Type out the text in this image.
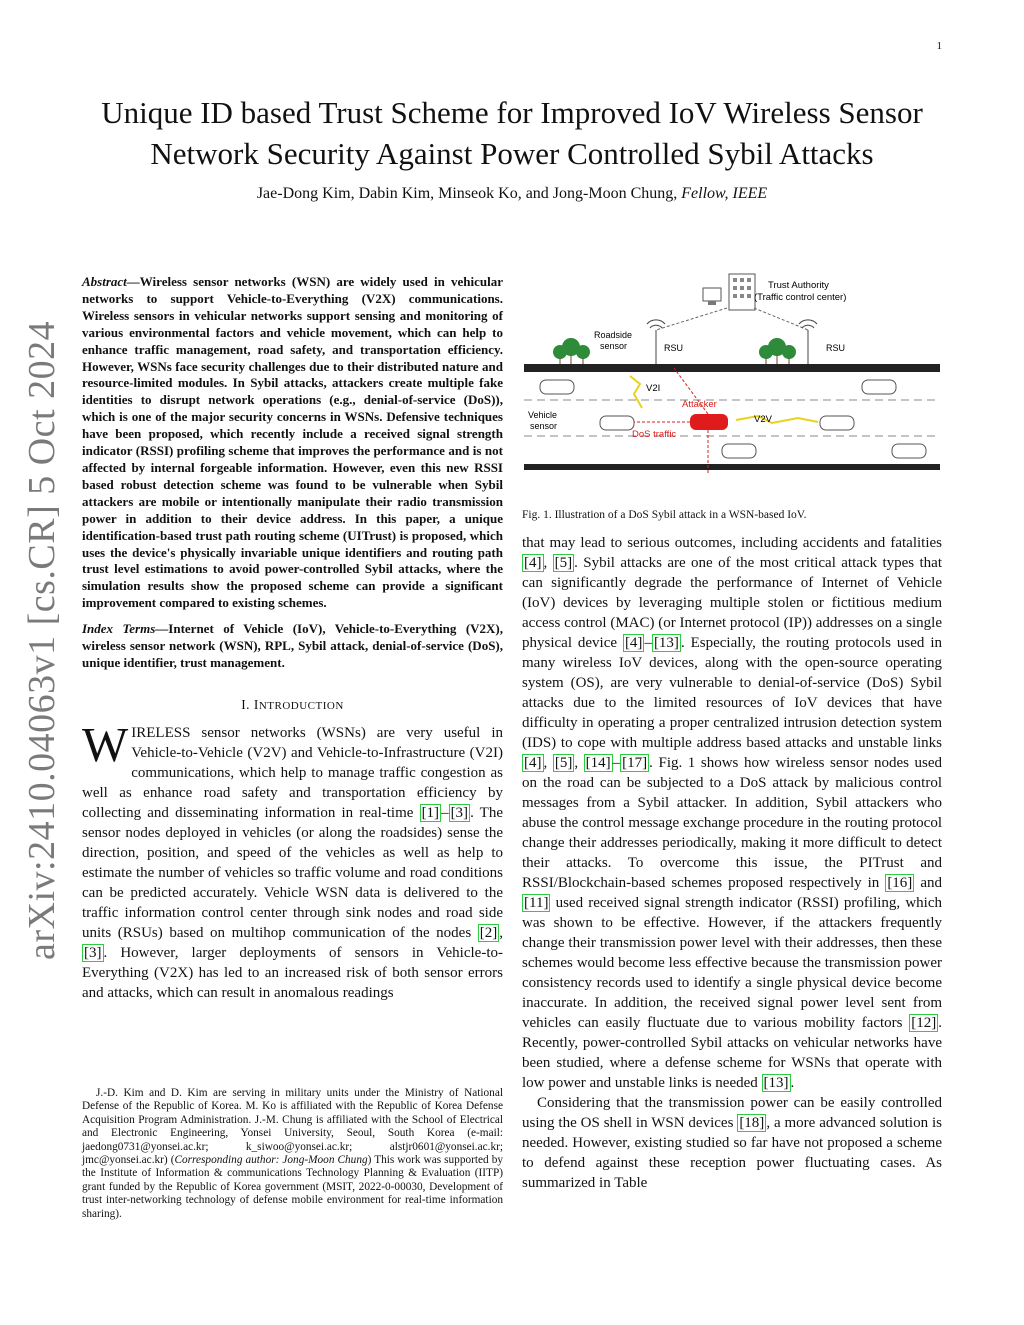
1
arXiv:2410.04063v1 [cs.CR] 5 Oct 2024
Unique ID based Trust Scheme for Improved IoV Wireless Sensor
Network Security Against Power Controlled Sybil Attacks
Jae-Dong Kim, Dabin Kim, Minseok Ko, and Jong-Moon Chung, Fellow, IEEE
Abstract—Wireless sensor networks (WSN) are widely used in vehicular networks to support Vehicle-to-Everything (V2X) communications. Wireless sensors in vehicular networks support sensing and monitoring of various environmental factors and vehicle movement, which can help to enhance traffic management, road safety, and transportation efficiency. However, WSNs face security challenges due to their distributed nature and resource-limited modules. In Sybil attacks, attackers create multiple fake identities to disrupt network operations (e.g., denial-of-service (DoS)), which is one of the major security concerns in WSNs. Defensive techniques have been proposed, which recently include a received signal strength indicator (RSSI) profiling scheme that improves the performance and is not affected by internal forgeable information. However, even this new RSSI based robust detection scheme was found to be vulnerable when Sybil attackers are mobile or intentionally manipulate their radio transmission power in addition to their device address. In this paper, a unique identification-based trust path routing scheme (UITrust) is proposed, which uses the device's physically invariable unique identifiers and routing path trust level estimations to avoid power-controlled Sybil attacks, where the simulation results show the proposed scheme can provide a significant improvement compared to existing schemes.
Index Terms—Internet of Vehicle (IoV), Vehicle-to-Everything (V2X), wireless sensor network (WSN), RPL, Sybil attack, denial-of-service (DoS), unique identifier, trust management.
I. INTRODUCTION
WIRELESS sensor networks (WSNs) are very useful in Vehicle-to-Vehicle (V2V) and Vehicle-to-Infrastructure (V2I) communications, which help to manage traffic congestion as well as enhance road safety and transportation efficiency by collecting and disseminating information in real-time [1] – [3] . The sensor nodes deployed in vehicles (or along the roadsides) sense the direction, position, and speed of the vehicles as well as help to estimate the number of vehicles so traffic volume and road conditions can be predicted accurately. Vehicle WSN data is delivered to the traffic information control center through sink nodes and road side units (RSUs) based on multihop communication of the nodes [2] , [3] . However, larger deployments of sensors in Vehicle-to-Everything (V2X) has led to an increased risk of both sensor errors and attacks, which can result in anomalous readings
J.-D. Kim and D. Kim are serving in military units under the Ministry of National Defense of the Republic of Korea. M. Ko is affiliated with the Republic of Korea Defense Acquisition Program Administration. J.-M. Chung is affiliated with the School of Electrical and Electronic Engineering, Yonsei University, Seoul, South Korea (e-mail: jaedong0731@yonsei.ac.kr; k_siwoo@yonsei.ac.kr; alstjr0601@yonsei.ac.kr; jmc@yonsei.ac.kr) (Corresponding author: Jong-Moon Chung) This work was supported by the Institute of Information & communications Technology Planning & Evaluation (IITP) grant funded by the Republic of Korea government (MSIT, 2022-0-00030, Development of trust inter-networking technology of defense mobile environment for real-time information sharing).
Trust Authority
(Traffic control center)
Roadside
sensor	RSU	RSU
Attacker
DoS traffic
V2I
V2V
Vehicle
sensor
Fig. 1. Illustration of a DoS Sybil attack in a WSN-based IoV.
that may lead to serious outcomes, including accidents and fatalities [4] , [5] . Sybil attacks are one of the most critical attack types that can significantly degrade the performance of Internet of Vehicle (IoV) devices by leveraging multiple stolen or fictitious medium access control (MAC) (or Internet protocol (IP)) addresses on a single physical device [4] – [13] . Especially, the routing protocols used in many wireless IoV devices, along with the open-source operating system (OS), are very vulnerable to denial-of-service (DoS) Sybil attacks due to the limited resources of IoV devices that have difficulty in operating a proper centralized intrusion detection system (IDS) to cope with multiple address based attacks and unstable links [4] , [5] , [14] – [17] . Fig. 1 shows how wireless sensor nodes used on the road can be subjected to a DoS attack by malicious control messages from a Sybil attacker. In addition, Sybil attackers who abuse the control message exchange procedure in the routing protocol change their addresses periodically, making it more difficult to detect their attacks. To overcome this issue, the PITrust and RSSI/Blockchain-based schemes proposed respectively in [16] and [11] used received signal strength indicator (RSSI) profiling, which was shown to be effective. However, if the attackers frequently change their transmission power level with their addresses, then these schemes would become less effective because the transmission power consistency records used to identify a single physical device become inaccurate. In addition, the received signal power level sent from vehicles can easily fluctuate due to various mobility factors [12] . Recently, power-controlled Sybil attacks on vehicular networks have been studied, where a defense scheme for WSNs that operate with low power and unstable links is needed [13] .
Considering that the transmission power can be easily controlled using the OS shell in WSN devices [18] , a more advanced solution is needed. However, existing studied so far have not proposed a scheme to defend against these reception power fluctuating cases. As summarized in Table
